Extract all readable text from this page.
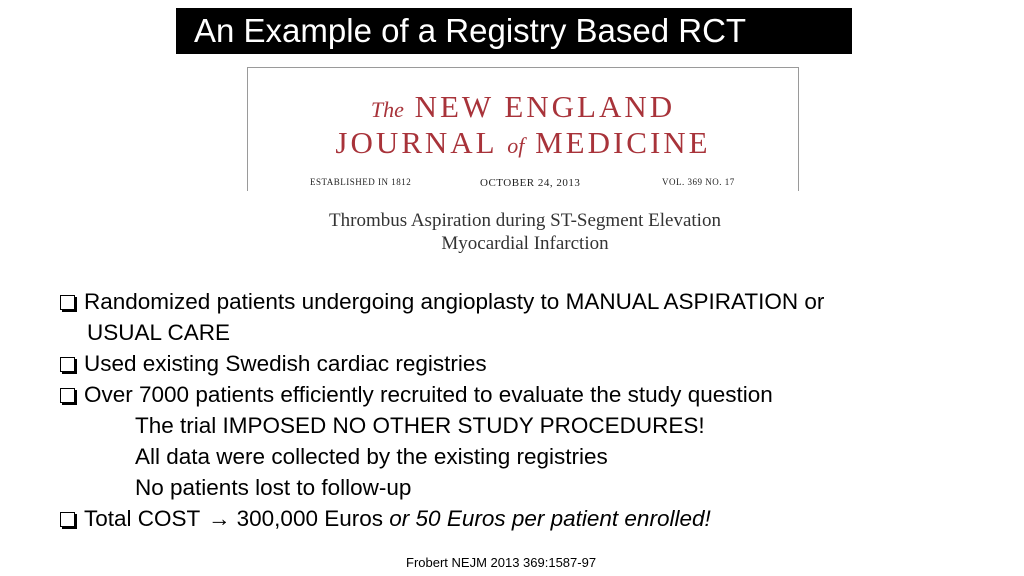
An Example of a Registry Based RCT
The NEW ENGLAND
JOURNAL of MEDICINE
ESTABLISHED IN 1812	OCTOBER 24, 2013	VOL. 369 NO. 17
Thrombus Aspiration during ST-Segment Elevation
Myocardial Infarction
Randomized patients undergoing angioplasty to MANUAL ASPIRATION or
USUAL CARE
Used existing Swedish cardiac registries
Over 7000 patients efficiently recruited to evaluate the study question
The trial IMPOSED NO OTHER STUDY PROCEDURES!
All data were collected by the existing registries
No patients lost to follow-up
Total COST → 300,000 Euros or 50 Euros per patient enrolled!
Frobert NEJM 2013 369:1587-97
